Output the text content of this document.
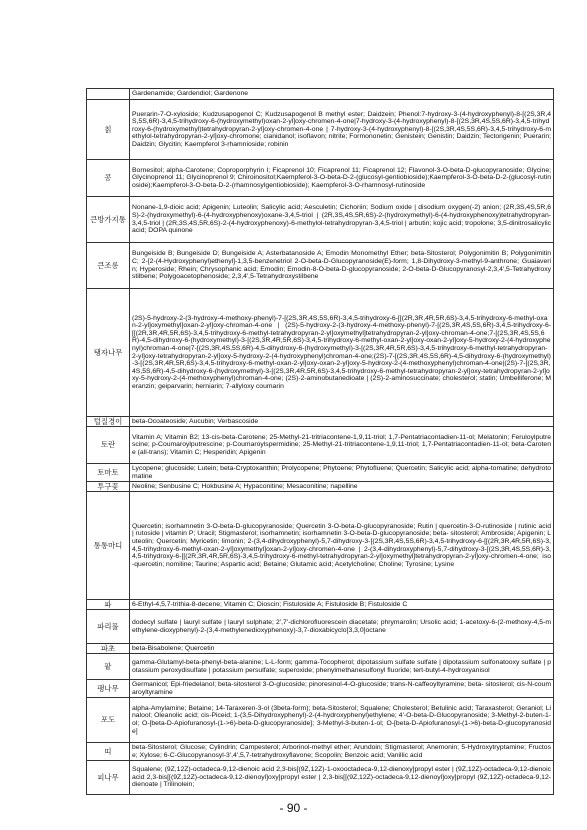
	Gardenamide; Gardendiol; Gardenone
칡	Puerarin-7-O-xyloside; Kudzusapogenol C; Kudzusapogenol B methyl ester; Daidzein; Phenol:7-hydroxy-3-(4-hydroxyphenyl)-8-[(2S,3R,4S,5S,6R)-3,4,5-trihydroxy-6-(hydroxymethyl)oxan-2-yl]oxy-chromen-4-one|7-hydroxy-3-(4-hydroxyphenyl)-8-[(2S,3R,4S,5S,6R)-3,4,5-trihydroxy-6-(hydroxymethyl)tetrahydropyran-2-yl]oxy-chromen-4-one | 7-hydroxy-3-(4-hydroxyphenyl)-8-[(2S,3R,4S,5S,6R)-3,4,5-trihydroxy-6-methylol-tetrahydropyran-2-yl]oxy-chromone; cianidanol; isoflavon; nitrite; Formononetin; Genistein; Genistin; Daidzin; Tectorigenin; Puerarin; Daidzin; Glycitin; Kaempferol 3-rhamnioside; robinin
콩	Bornesitol; alpha-Carotene; Coproporphyrin I; Ficaprenol 10; Ficaprenol 11; Ficaprenol 12; Flavonol-3-O-beta-D-glucopyranoside; Glycine; Glycinoprenol 11; Glycinoprenol 9; Chiroinositol;Kaempferol-3-O-beta-D-2-(glucosyl-gentiobioside);Kaempferol-3-O-beta-D-2-(glucosyl-rutinoside);Kaempferol-3-O-beta-D-2-(rhamnosylgentiobioside); Kaempferol-3-O-rhamnosyl-rutinoside
큰방가지통	Nonane-1,9-dioic acid; Apigenin; Luteolin; Salicylic acid; Aesculetin; Cichoriin; Sodium oxide | disodium oxygen(-2) anion; (2R,3S,4S,5R,6S)-2-(hydroxymethyl)-6-(4-hydroxyphenoxy)oxane-3,4,5-triol | (2R,3S,4S,5R,6S)-2-(hydroxymethyl)-6-(4-hydroxyphenoxy)tetrahydropyran-3,4,5-triol | (2R,3S,4S,5R,6S)-2-(4-hydroxyphenoxy)-6-methylol-tetrahydropyran-3,4,5-triol | arbutin; kojic acid; tropolone; 3,5-dinitrosalicylic acid; DOPA quinone
큰조롱	Bungeiside B; Bungeiside D; Bungeiside A; Asterbatanoside A; Emodin Monomethyl Ether; beta-Sitosterol; Polygonimitin B; Polygonimitin C; 2-[2-(4-Hydroxyphenyl)ethenyl]-1,3,5-benzenetriol 2-O-beta-D-Glucopyranoside(E)-form; 1,8-Dihydroxy-3-methyl-9-anthrone; Guaiaverin; Hyperoside; Rhein; Chrysophanic acid; Emodin; Emodin-8-O-beta-D-glucopyranoside; 2-O-beta-D-Glucopyranosyl-2,3,4',5-Tetrahydroxystilbene; Polygoacetophenoside; 2,3,4',5-Tetrahydroxystilbene
탱자나무	(2S)-5-hydroxy-2-(3-hydroxy-4-methoxy-phenyl)-7-[(2S,3R,4S,5S,6R)-3,4,5-trihydroxy-6-[[(2R,3R,4R,5R,6S)-3,4,5-trihydroxy-6-methyl-oxan-2-yl]oxymethyl]oxan-2-yl]oxy-chroman-4-one | (2S)-5-hydroxy-2-(3-hydroxy-4-methoxy-phenyl)-7-[(2S,3R,4S,5S,6R)-3,4,5-trihydroxy-6-[[(2R,3R,4R,5R,6S)-3,4,5-trihydroxy-6-methyl-tetrahydropyran-2-yl]oxymethyl]tetrahydropyran-2-yl]oxy-chroman-4-one;7-[(2S,3R,4S,5S,6R)-4,5-dihydroxy-6-(hydroxymethyl)-3-[(2S,3R,4R,5R,6S)-3,4,5-trihydroxy-6-methyl-oxan-2-yl]oxy-oxan-2-yl]oxy-5-hydroxy-2-(4-hydroxyphenyl)chroman-4-one|7-[(2S,3R,4S,5S,6R)-4,5-dihydroxy-6-(hydroxymethyl)-3-[(2S,3R,4R,5R,6S)-3,4,5-trihydroxy-6-methyl-tetrahydropyran-2-yl]oxy-tetrahydropyran-2-yl]oxy-5-hydroxy-2-(4-hydroxyphenyl)chroman-4-one;(2S)-7-[(2S,3R,4S,5S,6R)-4,5-dihydroxy-6-(hydroxymethyl)-3-[(2S,3R,4R,5R,6S)-3,4,5-trihydroxy-6-methyl-oxan-2-yl]oxy-oxan-2-yl]oxy-5-hydroxy-2-(4-methoxyphenyl)chroman-4-one|(2S)-7-[(2S,3R,4S,5S,6R)-4,5-dihydroxy-6-(hydroxymethyl)-3-[(2S,3R,4R,5R,6S)-3,4,5-trihydroxy-6-methyl-tetrahydropyran-2-yl]oxy-tetrahydropyran-2-yl]oxy-5-hydroxy-2-(4-methoxyphenyl)chroman-4-one; (2S)-2-aminobutanedioate | (2S)-2-aminosuccinate; cholesterol; statin; Umbelliferone; Meranzin; geiparvarin; herniarin; 7-allyloxy coumarin
털질경이	beta-Ocoateoside; Aucubin; Verbascoside
토란	Vitamin A; Vitamin B2; 13-cis-beta-Carotene; 25-Methyl-21-tritriacontene-1,9,11-triol; 1,7-Pentatriacontadien-11-ol; Melatonin; Feruloylputrescine; p-Coumaroylputrescine; p-Coumaroylspermidine; 25-Methyl-21-tritriacontene-1,9,11-triol; 1,7-Pentatriacontadien-11-ol; beta-Carotene (all-trans); Vitamin C; Hesperidin; Apigenin
토마토	Lycopene; glucoside; Lutein; beta-Cryptoxanthin; Prolycopene; Phytoene; Phytofluene; Quercetin; Salicylic acid; alpha-tomatine; dehydrotomatine
투구꽃	Neoline; Senbusine C; Hokbusine A; Hypaconitine; Mesaconitine; napelline
통통마디	Quercetin; isorhamnetin 3-O-beta-D-glucopyranoside; Quercetin 3-O-beta-D-glucopyranoside; Rutin | quercetin-3-O-rutinoside | rutinic acid | rutoside | vitamin P; Uracil; Stigmasterol; isorhamnetin; isorhamnetin 3-O-beta-D-glucopyranoside; beta- sitosterol; Ambroside; Apigenin; Luteolin; Quercetin; Myricetin; limonin; 2-(3,4-dihydroxyphenyl)-5,7-dihydroxy-3-[(2S,3R,4S,5S,6R)-3,4,5-trihydroxy-6-[[(2R,3R,4R,5R,6S)-3,4,5-trihydroxy-6-methyl-oxan-2-yl]oxymethyl]oxan-2-yl]oxy-chromen-4-one | 2-(3,4-dihydroxyphenyl)-5,7-dihydroxy-3-[(2S,3R,4S,5S,6R)-3,4,5-trihydroxy-6-[[(2R,3R,4R,5R,6S)-3,4,5-trihydroxy-6-methyl-tetrahydropyran-2-yl]oxymethyl]tetrahydropyran-2-yl]oxy-chromen-4-one; iso-quercetin; nomiline; Taurine; Aspartic acid; Betaine; Glutamic acid; Acetylcholine; Choline; Tyrosine; Lysine
파	6-Ethyl-4,5,7-trithia-8-decene; Vitamin C; Dioscin; Fistuloside A; Fistuloside B; Fistuloside C
파리풀	dodecyl sulfate | lauryl sulfate | lauryl sulphate; 2',7'-dichlorofluorescein diacetate; phrymarolin; Ursolic acid; 1-acetoxy-6-(2-methoxy-4,5-methylene-dioxyphenyl)-2-(3,4-methylenedioxyphenoxy)-3,7-dioxabicyclo[3,3,0]octane
파초	beta-Bisabolene; Quercetin
팥	gamma-Glutamyl-beta-phenyl-beta-alanine; L-L-form; gamma-Tocopherol; dipotassium sulfate sulfate | dipotassium sulfonatooxy sulfate | potassium peroxydisulfate | potassium persulfate; superoxide; phenylmethanesulfonyl fluoride; tert-butyl-4-hydroxyanisol
팽나무	Germanicol; Epi-friedelanol; beta-sitosterol 3-O-glucoside; pinoresinol-4-O-glucoside; trans-N-caffeoyltyramine; beta- sitosterol; cis-N-coumaroyltyramine
포도	alpha-Amylamine; Betaine; 14-Taraxeren-3-ol (3beta-form); beta-Sitosterol; Squalene; Cholesterol; Betulinic acid; Taraxasterol; Geraniol; Linalool; Oleanolic acid; cis-Piceid; 1-(3,5-Dihydroxyphenyl)-2-(4-hydroxyphenyl)ethylene; 4'-O-beta-D-Glucopyranoside; 3-Methyl-2-buten-1-ol; O-[beta-D-Apiofuranosyl-(1->6)-beta-D-glucopyranoside]; 3-Methyl-3-buten-1-ol; O-[beta-D-Apiofuranosyl-(1->6)-beta-D-glucopyranoside]
띠	beta-Sitosterol; Glucose; Cylindrin; Campesterol; Arborinol-methyl ether; Arundoin; Stigmasterol; Anemonin; 5-Hydroxytryptamine; Fructose; Xylose; 6-C-Glucopyranosyl-3',4',5,7-tetrahydroxyflavone; Scopolin; Benzoic acid; Vanillic acid
피나무	Squalene; (9Z,12Z)-octadeca-9,12-dienoic acid 2,3-bis[(9Z,12Z)-1-oxooctadeca-9,12-dienoxy]propyl ester | (9Z,12Z)-octadeca-9,12-dienoic acid 2,3-bis[[(9Z,12Z)-octadeca-9,12-dienoyl]oxy]propyl ester | 2,3-bis[[(9Z,12Z)-octadeca-9,12-dienoyl]oxy]propyl (9Z,12Z)-octadeca-9,12-dienoate | Trilinolein;
- 90 -
